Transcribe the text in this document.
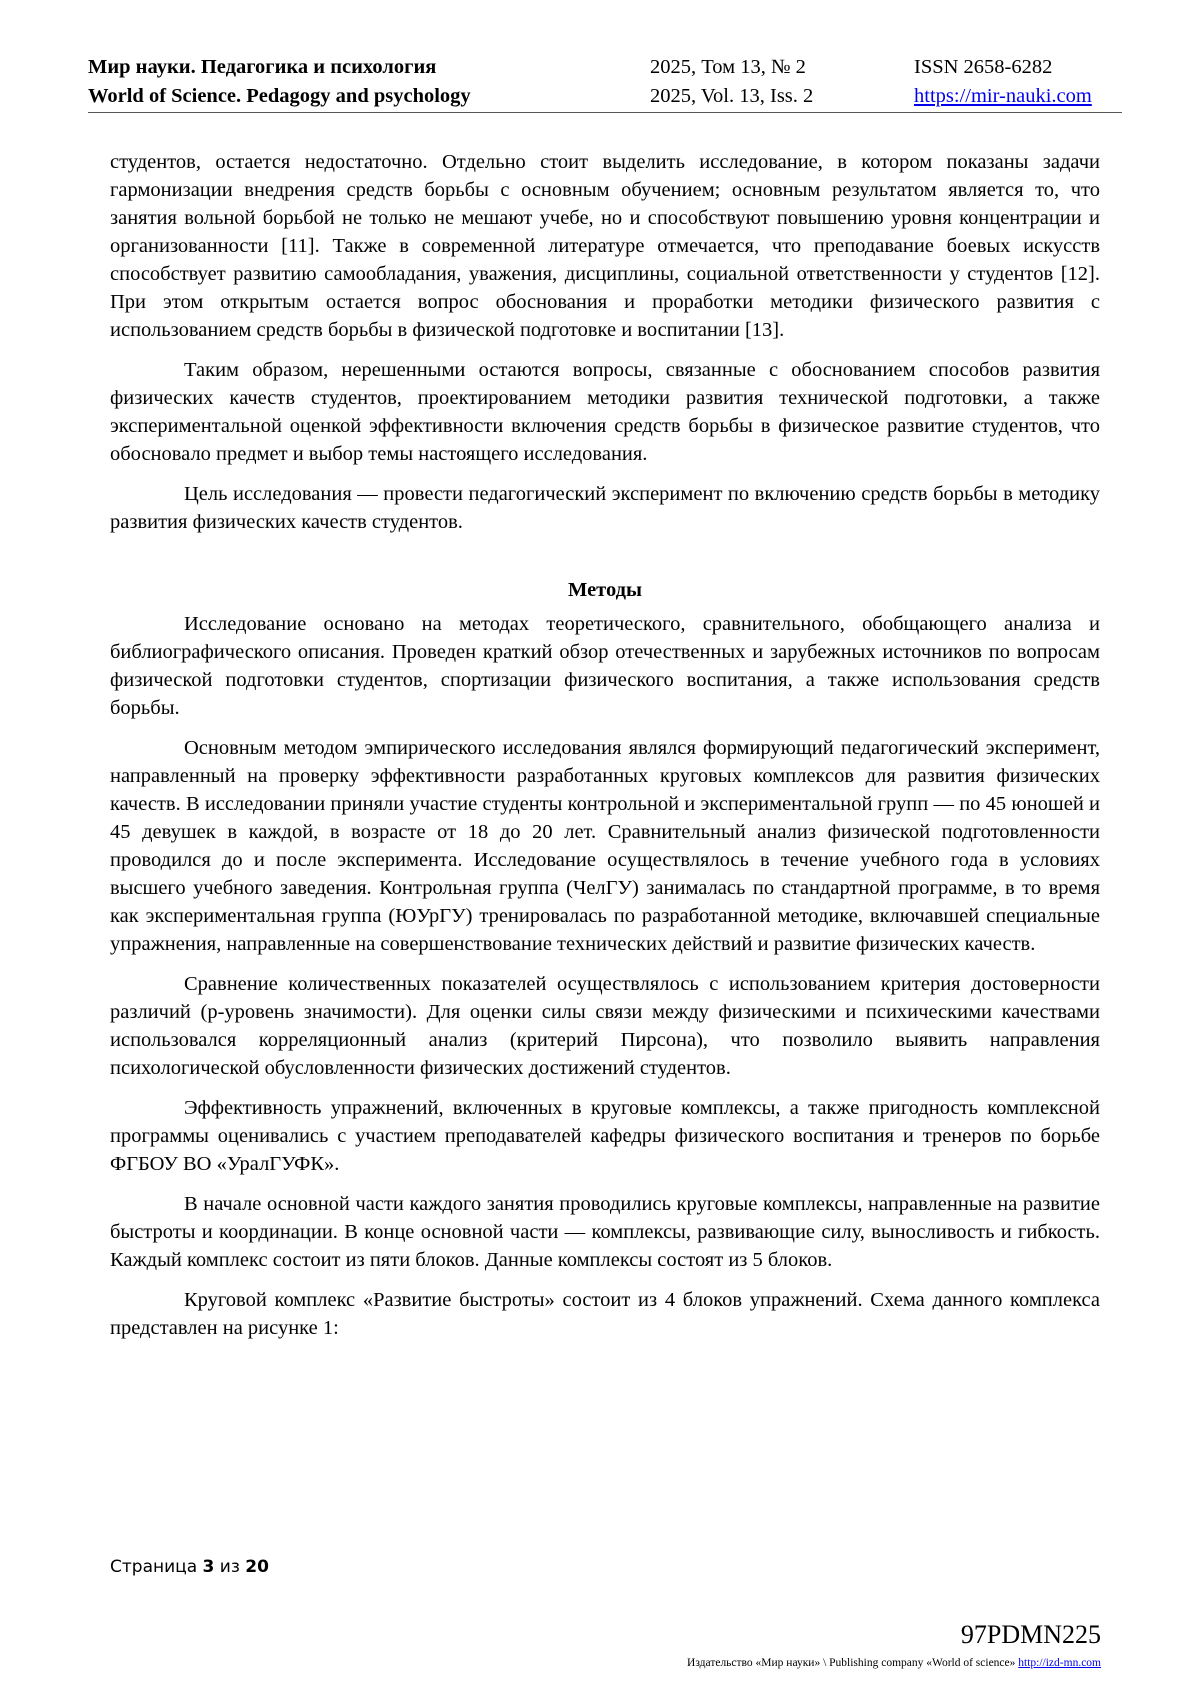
Мир науки. Педагогика и психология
World of Science. Pedagogy and psychology
2025, Том 13, № 2
2025, Vol. 13, Iss. 2
ISSN 2658-6282
https://mir-nauki.com

студентов, остается недостаточно. Отдельно стоит выделить исследование, в котором показаны задачи гармонизации внедрения средств борьбы с основным обучением; основным результатом является то, что занятия вольной борьбой не только не мешают учебе, но и способствуют повышению уровня концентрации и организованности [11]. Также в современной литературе отмечается, что преподавание боевых искусств способствует развитию самообладания, уважения, дисциплины, социальной ответственности у студентов [12]. При этом открытым остается вопрос обоснования и проработки методики физического развития с использованием средств борьбы в физической подготовке и воспитании [13].

Таким образом, нерешенными остаются вопросы, связанные с обоснованием способов развития физических качеств студентов, проектированием методики развития технической подготовки, а также экспериментальной оценкой эффективности включения средств борьбы в физическое развитие студентов, что обосновало предмет и выбор темы настоящего исследования.

Цель исследования — провести педагогический эксперимент по включению средств борьбы в методику развития физических качеств студентов.

Методы

Исследование основано на методах теоретического, сравнительного, обобщающего анализа и библиографического описания. Проведен краткий обзор отечественных и зарубежных источников по вопросам физической подготовки студентов, спортизации физического воспитания, а также использования средств борьбы.

Основным методом эмпирического исследования являлся формирующий педагогический эксперимент, направленный на проверку эффективности разработанных круговых комплексов для развития физических качеств. В исследовании приняли участие студенты контрольной и экспериментальной групп — по 45 юношей и 45 девушек в каждой, в возрасте от 18 до 20 лет. Сравнительный анализ физической подготовленности проводился до и после эксперимента. Исследование осуществлялось в течение учебного года в условиях высшего учебного заведения. Контрольная группа (ЧелГУ) занималась по стандартной программе, в то время как экспериментальная группа (ЮУрГУ) тренировалась по разработанной методике, включавшей специальные упражнения, направленные на совершенствование технических действий и развитие физических качеств.

Сравнение количественных показателей осуществлялось с использованием критерия достоверности различий (p-уровень значимости). Для оценки силы связи между физическими и психическими качествами использовался корреляционный анализ (критерий Пирсона), что позволило выявить направления психологической обусловленности физических достижений студентов.

Эффективность упражнений, включенных в круговые комплексы, а также пригодность комплексной программы оценивались с участием преподавателей кафедры физического воспитания и тренеров по борьбе ФГБОУ ВО «УралГУФК».

В начале основной части каждого занятия проводились круговые комплексы, направленные на развитие быстроты и координации. В конце основной части — комплексы, развивающие силу, выносливость и гибкость. Каждый комплекс состоит из пяти блоков. Данные комплексы состоят из 5 блоков.

Круговой комплекс «Развитие быстроты» состоит из 4 блоков упражнений. Схема данного комплекса представлен на рисунке 1:

Страница 3 из 20
97PDMN225
Издательство «Мир науки» \ Publishing company «World of science» http://izd-mn.com
